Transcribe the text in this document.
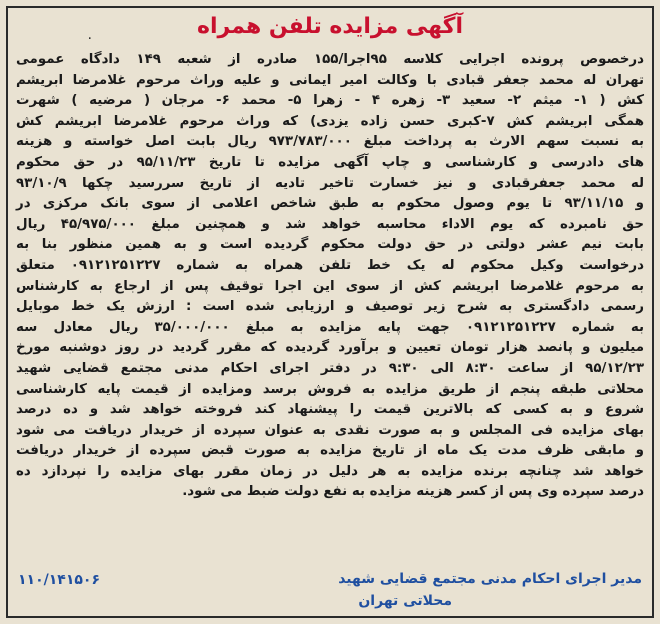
آگهی مزایده تلفن همراه
۰
درخصوص پرونده اجرایی کلاسه ۹۵اجرا/۱۵۵ صادره از شعبه ۱۴۹ دادگاه عمومی
تهران له محمد جعفر قبادی با وکالت امیر ایمانی و علیه وراث مرحوم غلامرضا ابریشم
کش ( ۱- میثم ۲- سعید ۳- زهره ۴ - زهرا ۵- محمد ۶- مرجان ( مرضیه ) شهرت
همگی ابریشم کش ۷-کبری حسن زاده یزدی) که وراث مرحوم غلامرضا ابریشم کش
به نسبت سهم الارث به پرداخت مبلغ ۹۷۳/۷۸۳/۰۰۰ ریال بابت اصل خواسته و هزینه
های دادرسی و کارشناسی و چاپ آگهی مزایده تا تاریخ ۹۵/۱۱/۲۳ در حق محکوم
له محمد جعفرقبادی و نیز خسارت تاخیر تادیه از تاریخ سررسید چکها ۹۳/۱۰/۹
و ۹۳/۱۱/۱۵ تا یوم وصول محکوم به طبق شاخص اعلامی از سوی بانک مرکزی در
حق نامبرده که یوم الاداء محاسبه خواهد شد و همچنین مبلغ ۴۵/۹۷۵/۰۰۰ ریال
بابت نیم عشر دولتی در حق دولت محکوم گردیده است و به همین منظور بنا به
درخواست وکیل محکوم له یک خط تلفن همراه به شماره ۰۹۱۲۱۲۵۱۲۲۷ متعلق
به مرحوم غلامرضا ابریشم کش از سوی این اجرا توقیف پس از ارجاع به کارشناس
رسمی دادگستری به شرح زیر توصیف و ارزیابی شده است : ارزش یک خط موبایل
به شماره ۰۹۱۲۱۲۵۱۲۲۷ جهت پایه مزایده به مبلغ ۳۵/۰۰۰/۰۰۰ ریال معادل سه
میلیون و پانصد هزار تومان تعیین و برآورد گردیده که مقرر گردید در روز دوشنبه مورخ
۹۵/۱۲/۲۳ از ساعت ۸:۳۰ الی ۹:۳۰ در دفتر اجرای احکام مدنی مجتمع قضایی شهید
محلاتی طبقه پنجم از طریق مزایده به فروش برسد ومزایده از قیمت پایه کارشناسی
شروع و به کسی که بالاترین قیمت را پیشنهاد کند فروخته خواهد شد و ده درصد
بهای مزایده فی المجلس و به صورت نقدی به عنوان سپرده از خریدار دریافت می شود
و مابقی ظرف مدت یک ماه از تاریخ مزایده به صورت قبض سپرده از خریدار دریافت
خواهد شد چنانچه برنده مزایده به هر دلیل در زمان مقرر بهای مزایده را نپردازد ده
درصد سپرده وی پس از کسر هزینه مزایده به نفع دولت ضبط می شود.
مدیر اجرای احکام مدنی مجتمع قضایی شهید
محلاتی تهران
۱۱۰/۱۴۱۵۰۶
